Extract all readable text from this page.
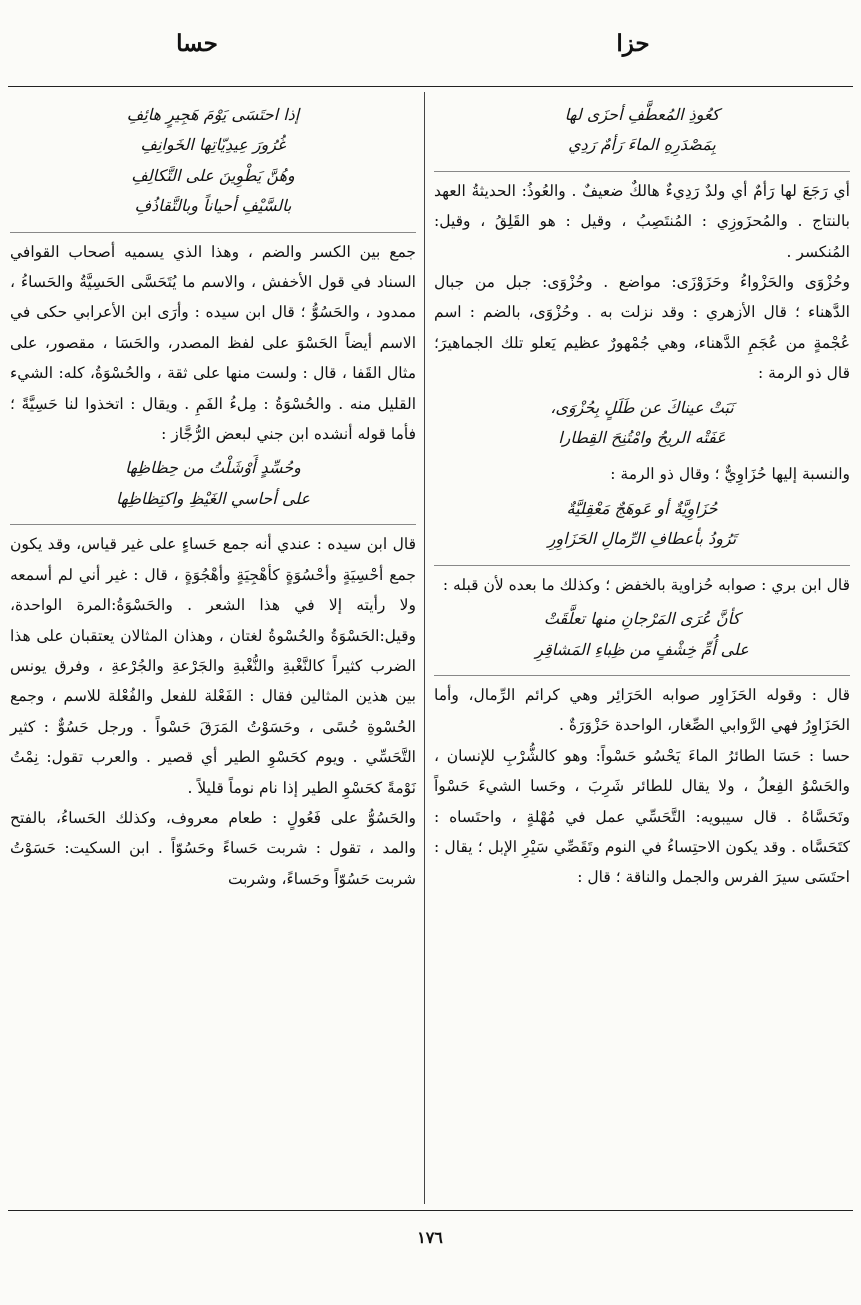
حزا
حسا

كعُوذِ المُعطَّفِ أحزَى لها

بِمَصْدَرِهِ الماءَ رَأمٌ رَدِي

أي رَجَعَ لها رَأمٌ أي ولدٌ رَدِيءٌ هالكٌ ضعيفٌ . والعُوذُ: الحديثةُ العهد بالنتاج . والمُحزَوزِي : المُنتَصِبُ ، وقيل : هو القَلِقُ ، وقيل: المُنكسر .

وحُزْوَى والحَزْواءُ وحَزَوْزَى: مواضع . وحُزْوَى: جبل من جبال الدَّهناء ؛ قال الأزهري : وقد نزلت به . وحُزْوَى، بالضم : اسم عُجْمةٍ من عُجَمِ الدَّهناء، وهي جُمْهورٌ عظيم يَعلو تلك الجماهيرَ؛ قال ذو الرمة :

نَبَتْ عيناكَ عن طَلَلٍ بِحُزْوَى،

عَفَتْه الريحُ وامْتُنِحَ القِطارا

والنسبة إليها حُزَاوِيٌّ ؛ وقال ذو الرمة :

حُزَاوِيَّةٌ أو عَوهَجٌ مَعْقِليَّةٌ

تَرُودُ بأعطافِ الرِّمالِ الحَزَاوِرِ

قال ابن بري : صوابه حُزاوية بالخفض ؛ وكذلك ما بعده لأن قبله :

كأنَّ عُرَى المَرْجانِ منها تعلَّقَتْ

على أُمِّ خِشْفٍ من ظِباءِ المَشاقِرِ

قال : وقوله الحَزَاوِر صوابه الحَرَائِر وهي كرائم الرِّمال، وأما الحَزَاوِرُ فهي الرَّوابي الصِّغار، الواحدة حَزْوَرَةٌ .

حسا : حَسَا الطائرُ الماءَ يَحْسُو حَسْواً: وهو كالشُّرْبِ للإنسان ، والحَسْوُ الفِعلُ ، ولا يقال للطائر شَرِبَ ، وحَسا الشيءَ حَسْواً وتَحَسَّاهُ . قال سيبويه: التَّحَسِّي عمل في مُهْلةٍ ، واحتَساه : كتَحَسَّاه . وقد يكون الاحتِساءُ في النوم وتَقَصِّي سَيْرِ الإبل ؛ يقال : احتَسَى سيرَ الفرس والجمل والناقة ؛ قال :

إذا احتَسَى يَوْمَ هَجِيرٍ هائِفِ

غُرُورَ عِيدِيّاتِها الخَوانِفِ

وهُنَّ يَطْوِينَ على التَّكالِفِ

بالسَّيْفِ أحياناً وبالتَّقاذُفِ

جمع بين الكسر والضم ، وهذا الذي يسميه أصحاب القوافي السناد في قول الأخفش ، والاسم ما يُتَحَسَّى الحَسِيَّةُ والحَساءُ ، ممدود ، والحَسُوُّ ؛ قال ابن سيده : وأرَى ابن الأعرابي حكى في الاسم أيضاً الحَسْوَ على لفظ المصدر، والحَسَا ، مقصور، على مثال القَفا ، قال : ولست منها على ثقة ، والحُسْوَةُ، كله: الشيء القليل منه . والحُسْوَةُ : مِلءُ الفَمِ . ويقال : اتخذوا لنا حَسِيَّةً ؛ فأما قوله أنشده ابن جني لبعض الرُّجَّاز :

وحُسِّدٍ أَوْشَلْتُ من حِظاظِها

على أحاسي الغَيْظِ واكتِظاظِها

قال ابن سيده : عندي أنه جمع حَساءٍ على غير قياس، وقد يكون جمع أحْسِيَةٍ وأحْسُوَةٍ كأهْجِيَةٍ وأهْجُوَةٍ ، قال : غير أني لم أسمعه ولا رأيته إلا في هذا الشعر . والحَسْوَةُ:المرة الواحدة، وقيل:الحَسْوَةُ والحُسْوةُ لغتان ، وهذان المثالان يعتقبان على هذا الضرب كثيراً كالنَّغْبةِ والنُّغْبةِ والجَرْعةِ والجُرْعةِ ، وفرق يونس بين هذين المثالين فقال : الفَعْلة للفعل والفُعْلة للاسم ، وجمع الحُسْوةِ حُسًى ، وحَسَوْتُ المَرَقَ حَسْواً . ورجل حَسُوٌّ : كثير التَّحَسِّي . ويوم كحَسْوِ الطير أي قصير . والعرب تقول: نِمْتُ نَوْمةً كحَسْوِ الطير إذا نام نوماً قليلاً .

والحَسُوُّ على فَعُولٍ : طعام معروف، وكذلك الحَساءُ، بالفتح والمد ، تقول : شربت حَساءً وحَسُوّاً . ابن السكيت: حَسَوْتُ شربت حَسُوّاً وحَساءً، وشربت

١٧٦
